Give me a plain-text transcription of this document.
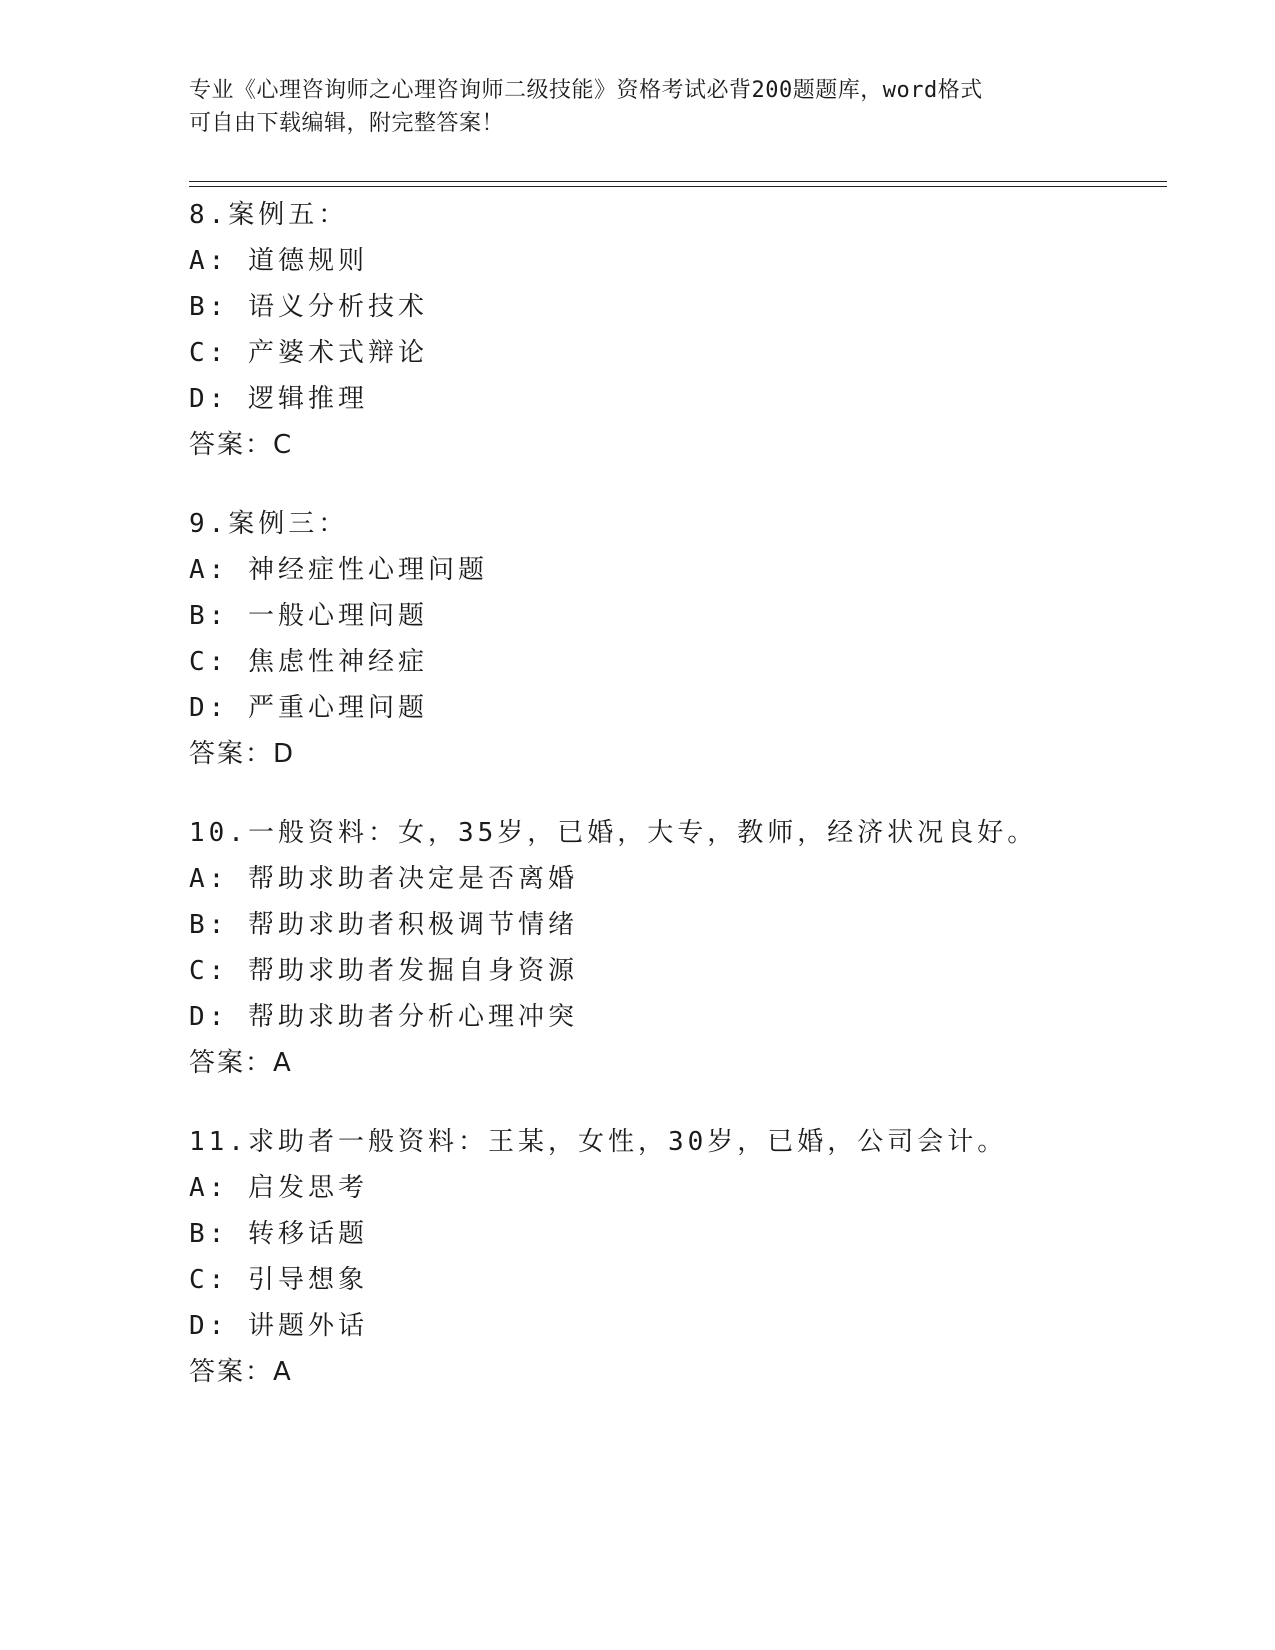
专业《心理咨询师之心理咨询师二级技能》资格考试必背200题题库，word格式

可自由下载编辑，附完整答案！

8.案例五：
A: 道德规则
B: 语义分析技术
C: 产婆术式辩论
D: 逻辑推理
答案：C
9.案例三：
A: 神经症性心理问题
B: 一般心理问题
C: 焦虑性神经症
D: 严重心理问题
答案：D
10.一般资料：女，35岁，已婚，大专，教师，经济状况良好。
A: 帮助求助者决定是否离婚
B: 帮助求助者积极调节情绪
C: 帮助求助者发掘自身资源
D: 帮助求助者分析心理冲突
答案：A
11.求助者一般资料：王某，女性，30岁，已婚，公司会计。
A: 启发思考
B: 转移话题
C: 引导想象
D: 讲题外话
答案：A
